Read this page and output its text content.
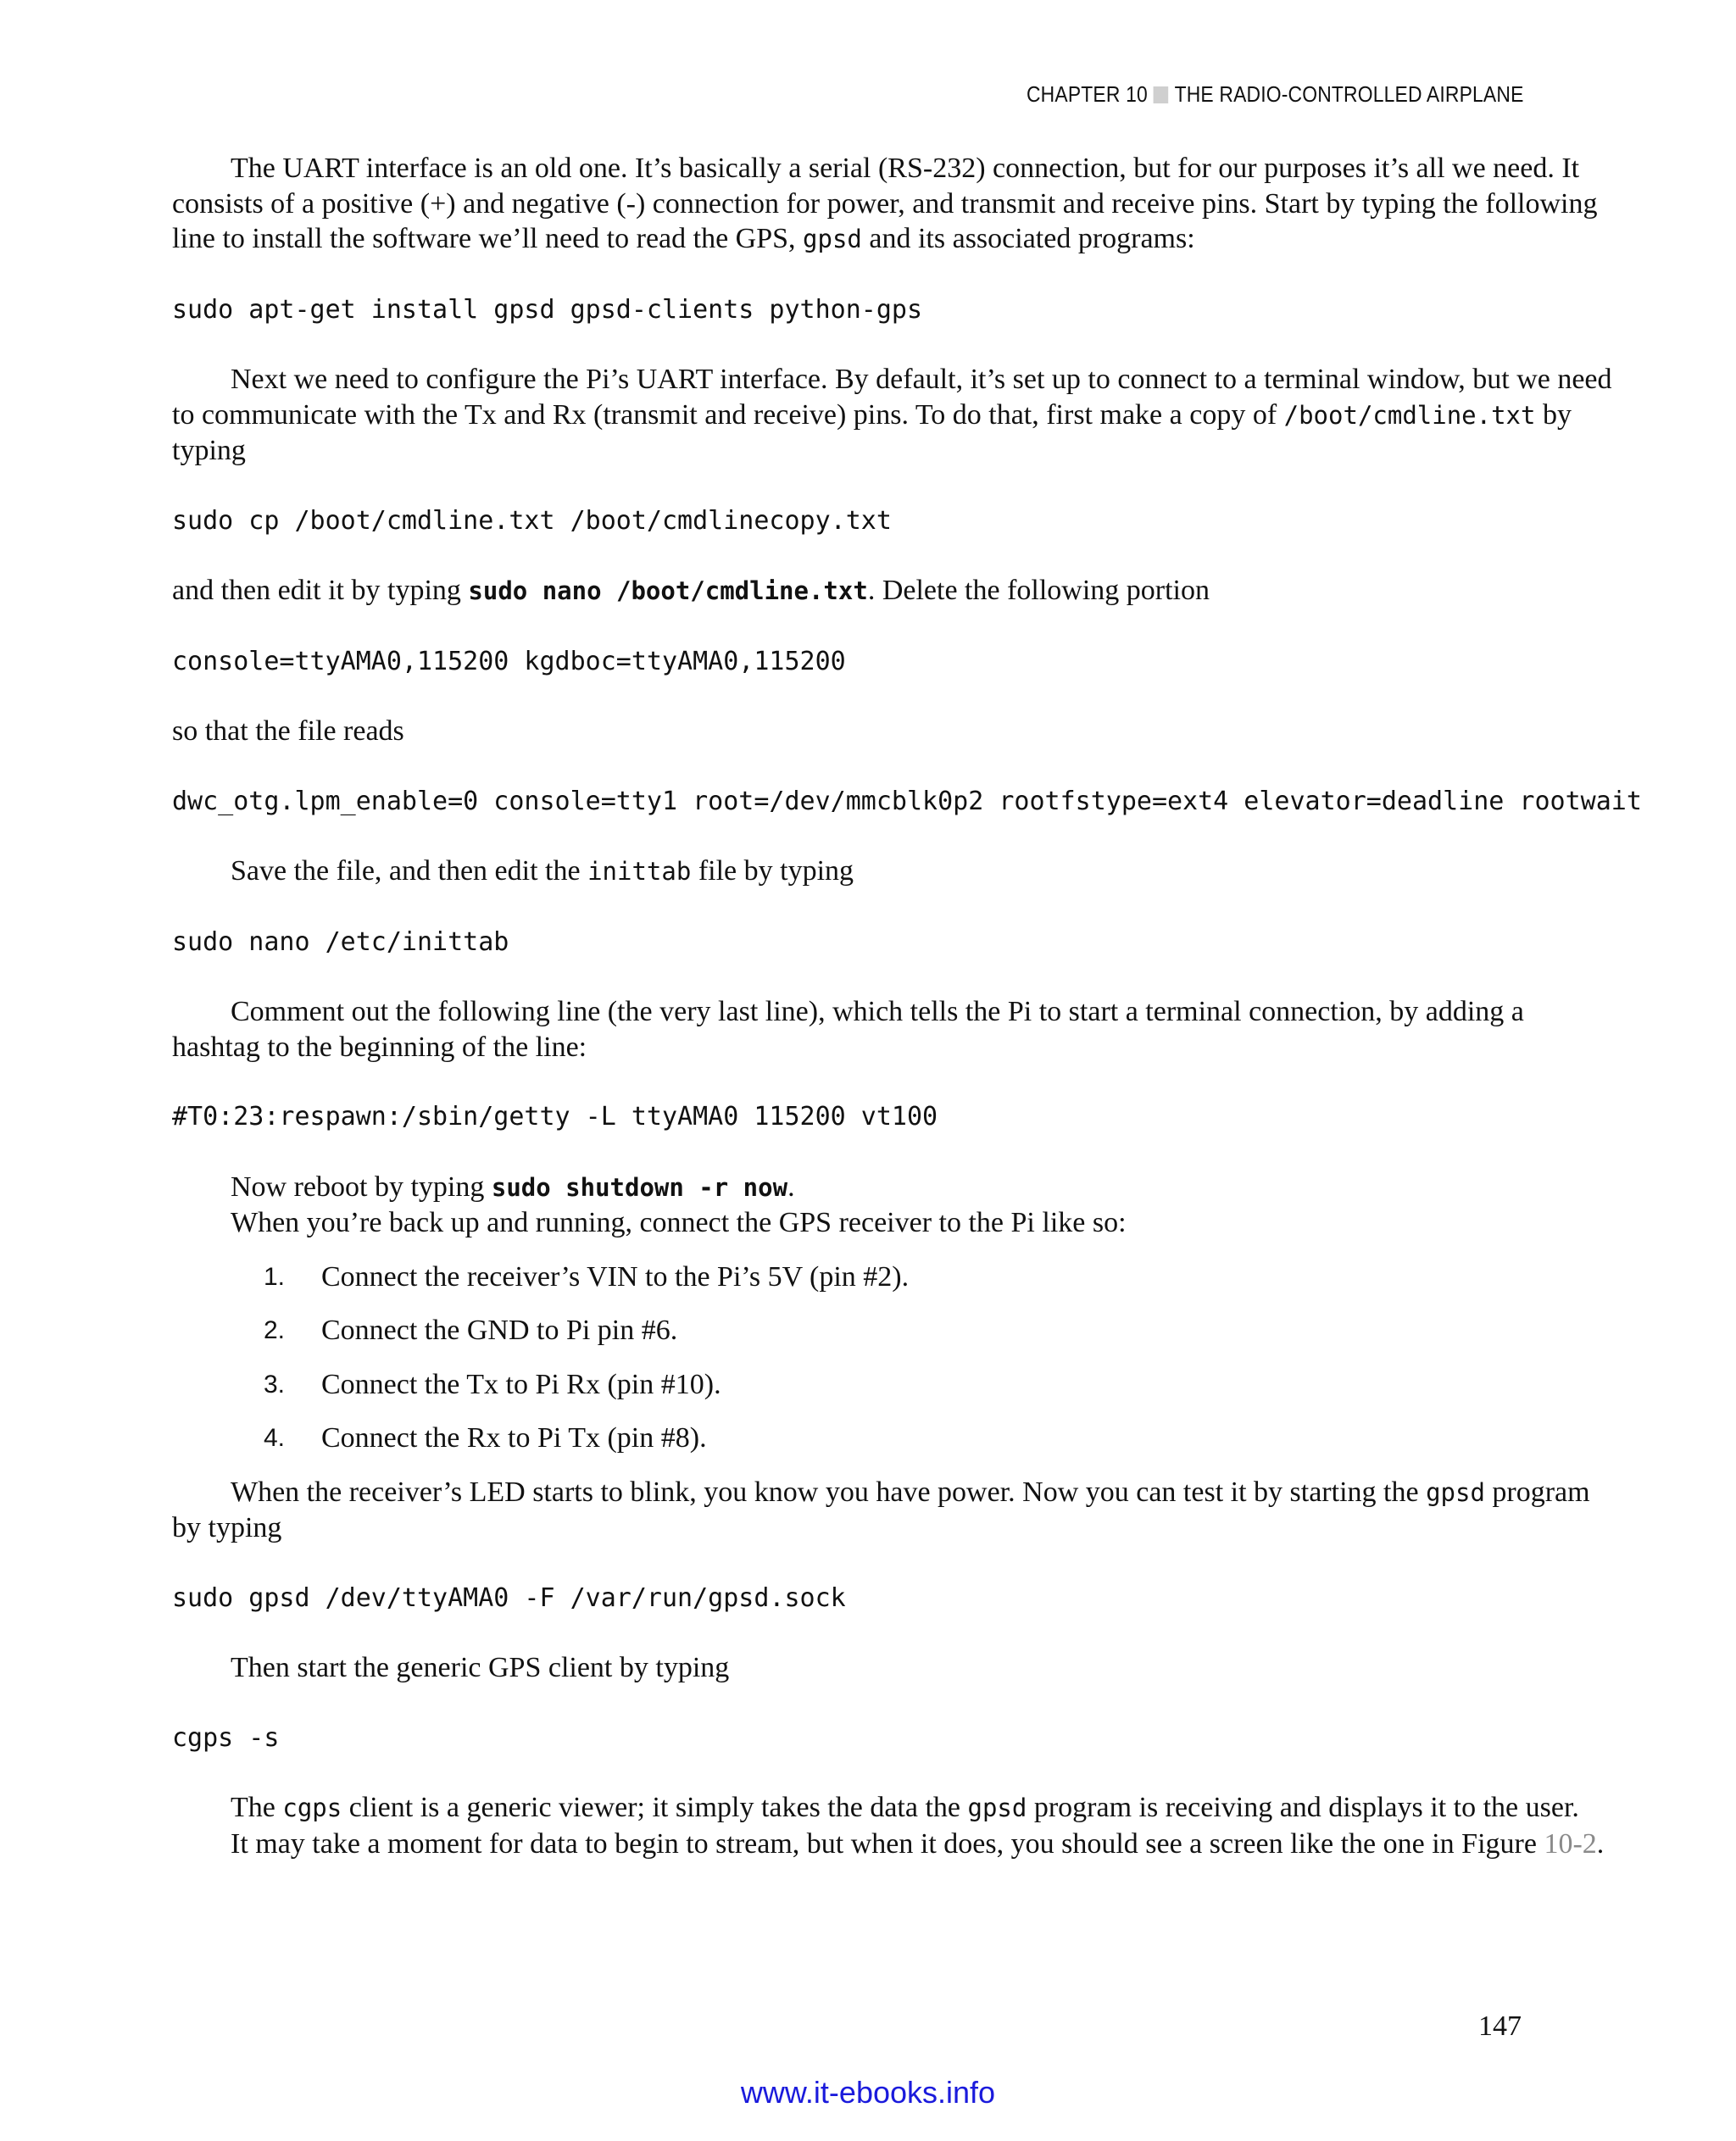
CHAPTER 10 THE RADIO-CONTROLLED AIRPLANE

The UART interface is an old one. It’s basically a serial (RS-232) connection, but for our purposes it’s all we need. It consists of a positive (+) and negative (-) connection for power, and transmit and receive pins. Start by typing the following line to install the software we’ll need to read the GPS, gpsd and its associated programs:

sudo apt-get install gpsd gpsd-clients python-gps

Next we need to configure the Pi’s UART interface. By default, it’s set up to connect to a terminal window, but we need to communicate with the Tx and Rx (transmit and receive) pins. To do that, first make a copy of /boot/cmdline.txt by typing

sudo cp /boot/cmdline.txt /boot/cmdlinecopy.txt

and then edit it by typing sudo nano /boot/cmdline.txt. Delete the following portion

console=ttyAMA0,115200 kgdboc=ttyAMA0,115200

so that the file reads

dwc_otg.lpm_enable=0 console=tty1 root=/dev/mmcblk0p2 rootfstype=ext4 elevator=deadline rootwait

Save the file, and then edit the inittab file by typing

sudo nano /etc/inittab

Comment out the following line (the very last line), which tells the Pi to start a terminal connection, by adding a hashtag to the beginning of the line:

#T0:23:respawn:/sbin/getty -L ttyAMA0 115200 vt100

Now reboot by typing sudo shutdown -r now.

When you’re back up and running, connect the GPS receiver to the Pi like so:

1. Connect the receiver’s VIN to the Pi’s 5V (pin #2).
2. Connect the GND to Pi pin #6.
3. Connect the Tx to Pi Rx (pin #10).
4. Connect the Rx to Pi Tx (pin #8).

When the receiver’s LED starts to blink, you know you have power. Now you can test it by starting the gpsd program by typing

sudo gpsd /dev/ttyAMA0 -F /var/run/gpsd.sock

Then start the generic GPS client by typing

cgps -s

The cgps client is a generic viewer; it simply takes the data the gpsd program is receiving and displays it to the user.

It may take a moment for data to begin to stream, but when it does, you should see a screen like the one in Figure 10-2.

147
www.it-ebooks.info
